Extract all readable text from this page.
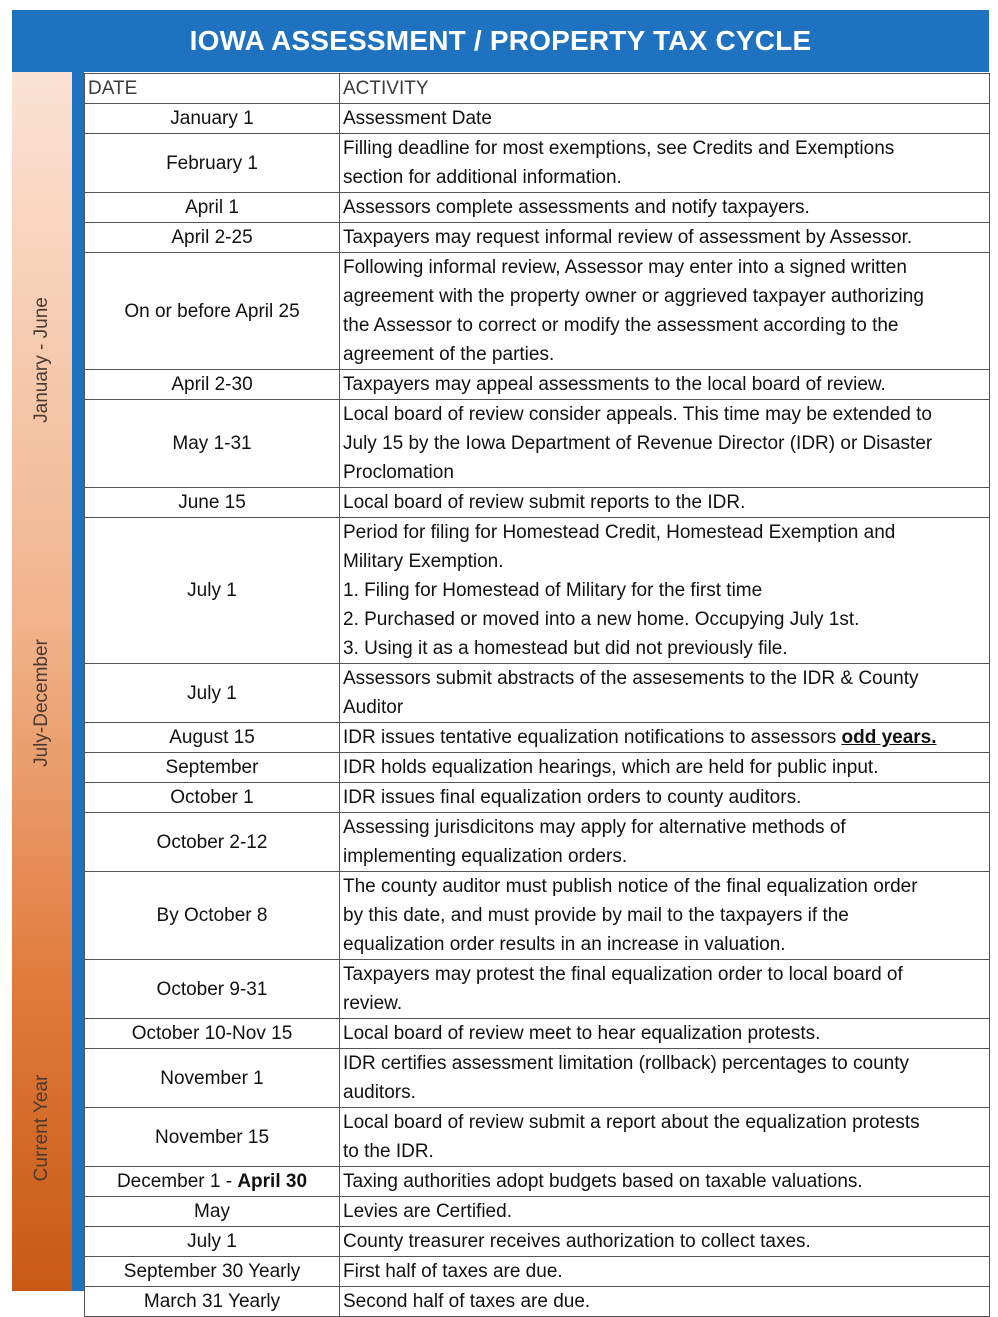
IOWA ASSESSMENT / PROPERTY TAX CYCLE
January - June
July-December
Current Year
DATE	ACTIVITY
January 1	Assessment Date
February 1	Filling deadline for most exemptions, see Credits and Exemptions
section for additional information.
April 1	Assessors complete assessments and notify taxpayers.
April 2-25	Taxpayers may request informal review of assessment by Assessor.
On or before April 25	Following informal review, Assessor may enter into a signed written
agreement with the property owner or aggrieved taxpayer authorizing
the Assessor to correct or modify the assessment according to the
agreement of the parties.
April 2-30	Taxpayers may appeal assessments to the local board of review.
May 1-31	Local board of review consider appeals. This time may be extended to
July 15 by the Iowa Department of Revenue Director (IDR) or Disaster
Proclomation
June 15	Local board of review submit reports to the IDR.
July 1	Period for filing for Homestead Credit, Homestead Exemption and
Military Exemption.
1. Filing for Homestead of Military for the first time
2. Purchased or moved into a new home. Occupying July 1st.
3. Using it as a homestead but did not previously file.
July 1	Assessors submit abstracts of the assesements to the IDR & County
Auditor
August 15	IDR issues tentative equalization notifications to assessors odd years.
September	IDR holds equalization hearings, which are held for public input.
October 1	IDR issues final equalization orders to county auditors.
October 2-12	Assessing jurisdicitons may apply for alternative methods of
implementing equalization orders.
By October 8	The county auditor must publish notice of the final equalization order
by this date, and must provide by mail to the taxpayers if the
equalization order results in an increase in valuation.
October 9-31	Taxpayers may protest the final equalization order to local board of
review.
October 10-Nov 15	Local board of review meet to hear equalization protests.
November 1	IDR certifies assessment limitation (rollback) percentages to county
auditors.
November 15	Local board of review submit a report about the equalization protests
to the IDR.
December 1 - April 30	Taxing authorities adopt budgets based on taxable valuations.
May	Levies are Certified.
July 1	County treasurer receives authorization to collect taxes.
September 30 Yearly	First half of taxes are due.
March 31 Yearly	Second half of taxes are due.
